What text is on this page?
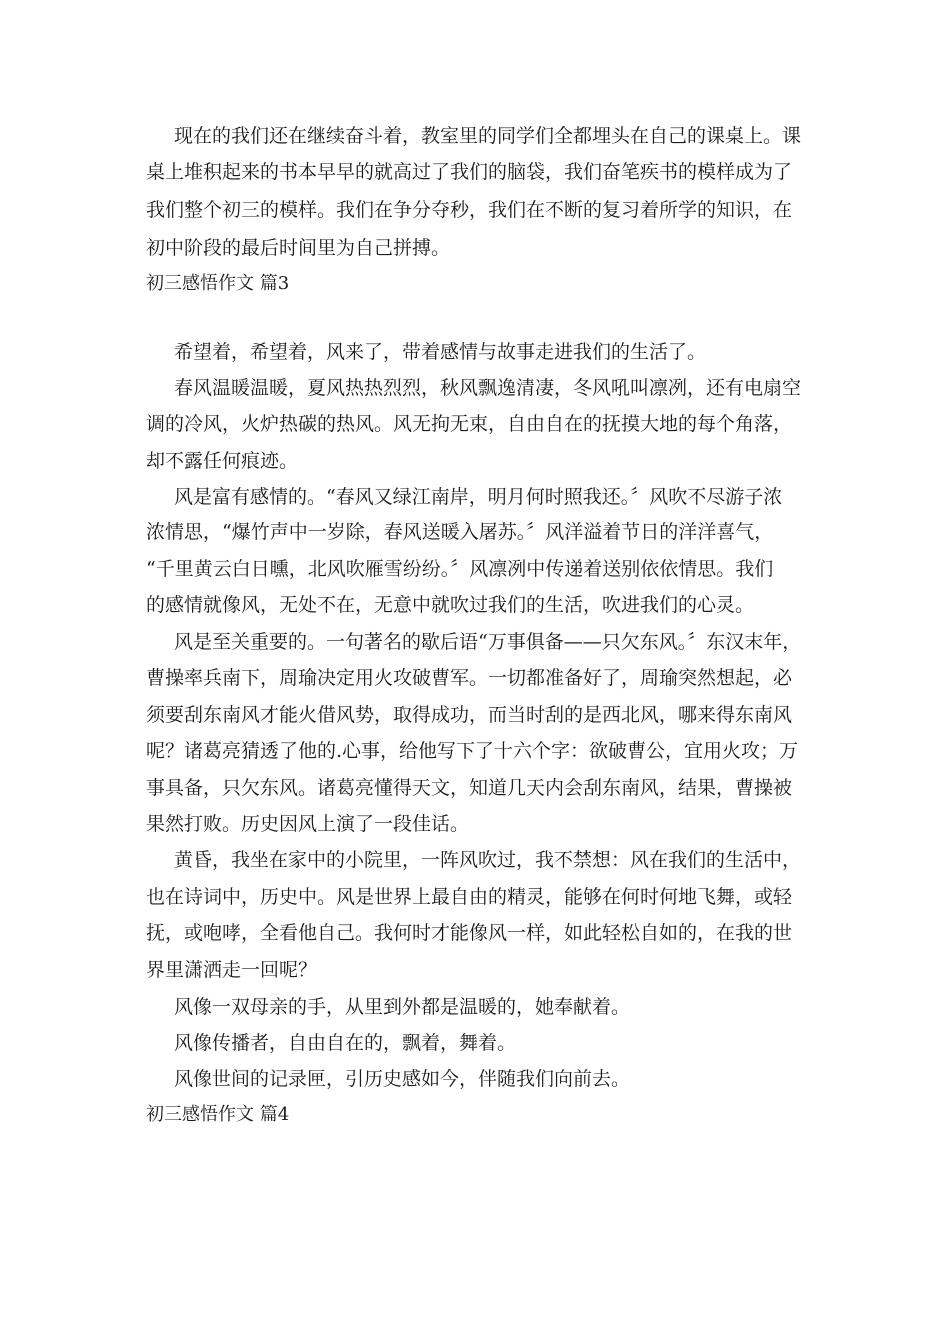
现在的我们还在继续奋斗着，教室里的同学们全都埋头在自己的课桌上。课
桌上堆积起来的书本早早的就高过了我们的脑袋，我们奋笔疾书的模样成为了
我们整个初三的模样。我们在争分夺秒，我们在不断的复习着所学的知识，在
初中阶段的最后时间里为自己拼搏。
初三感悟作文 篇3
希望着，希望着，风来了，带着感情与故事走进我们的生活了。
春风温暖温暖，夏风热热烈烈，秋风飘逸清凄，冬风吼叫凛冽，还有电扇空
调的冷风，火炉热碳的热风。风无拘无束，自由自在的抚摸大地的每个角落，
却不露任何痕迹。
风是富有感情的。“春风又绿江南岸，明月何时照我还。〞风吹不尽游子浓
浓情思，“爆竹声中一岁除，春风送暖入屠苏。〞风洋溢着节日的洋洋喜气，
“千里黄云白日曛，北风吹雁雪纷纷。〞风凛冽中传递着送别依依情思。我们
的感情就像风，无处不在，无意中就吹过我们的生活，吹进我们的心灵。
风是至关重要的。一句著名的歇后语“万事俱备——只欠东风。〞东汉末年，
曹操率兵南下，周瑜决定用火攻破曹军。一切都准备好了，周瑜突然想起，必
须要刮东南风才能火借风势，取得成功，而当时刮的是西北风，哪来得东南风
呢？诸葛亮猜透了他的.心事，给他写下了十六个字：欲破曹公，宜用火攻；万
事具备，只欠东风。诸葛亮懂得天文，知道几天内会刮东南风，结果，曹操被
果然打败。历史因风上演了一段佳话。
黄昏，我坐在家中的小院里，一阵风吹过，我不禁想：风在我们的生活中，
也在诗词中，历史中。风是世界上最自由的精灵，能够在何时何地飞舞，或轻
抚，或咆哮，全看他自己。我何时才能像风一样，如此轻松自如的，在我的世
界里潇洒走一回呢？
风像一双母亲的手，从里到外都是温暖的，她奉献着。
风像传播者，自由自在的，飘着，舞着。
风像世间的记录匣，引历史感如今，伴随我们向前去。
初三感悟作文 篇4
